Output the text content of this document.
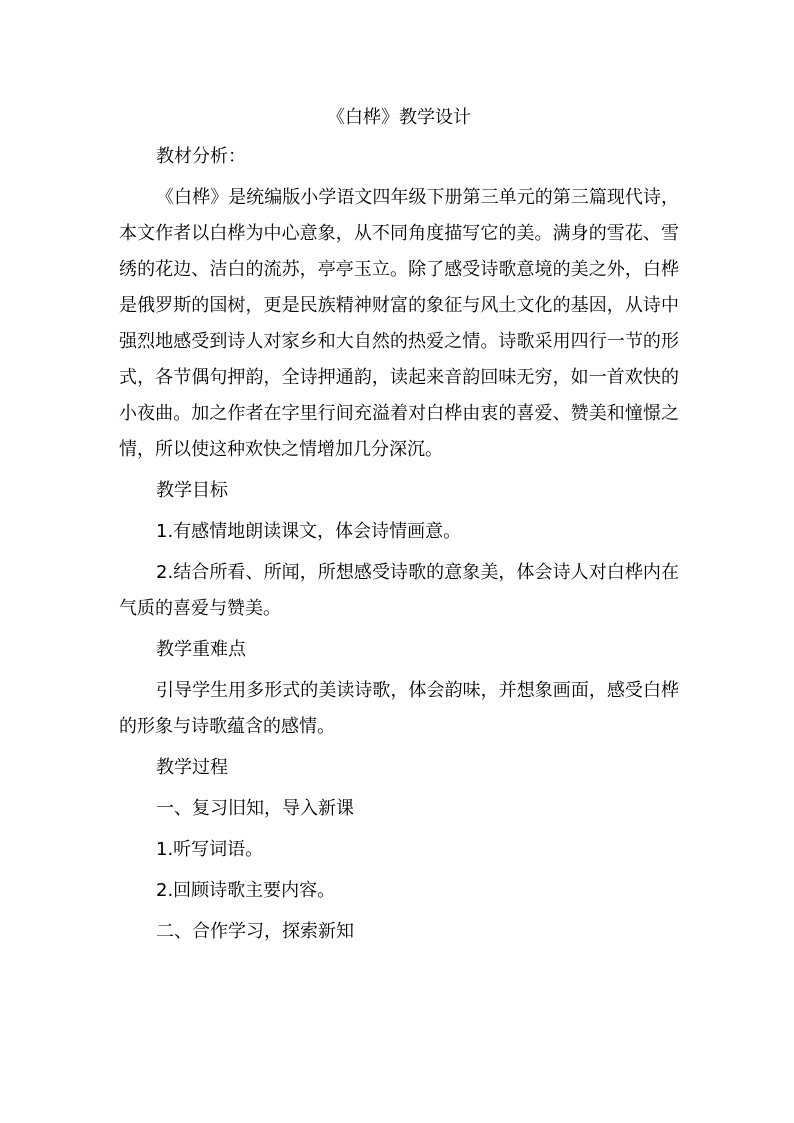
《白桦》教学设计

教材分析：

《白桦》是统编版小学语文四年级下册第三单元的第三篇现代诗，本文作者以白桦为中心意象，从不同角度描写它的美。满身的雪花、雪绣的花边、洁白的流苏，亭亭玉立。除了感受诗歌意境的美之外，白桦是俄罗斯的国树，更是民族精神财富的象征与风土文化的基因，从诗中强烈地感受到诗人对家乡和大自然的热爱之情。诗歌采用四行一节的形式，各节偶句押韵，全诗押通韵，读起来音韵回味无穷，如一首欢快的小夜曲。加之作者在字里行间充溢着对白桦由衷的喜爱、赞美和憧憬之情，所以使这种欢快之情增加几分深沉。

教学目标

1.有感情地朗读课文，体会诗情画意。

2.结合所看、所闻，所想感受诗歌的意象美，体会诗人对白桦内在气质的喜爱与赞美。

教学重难点

引导学生用多形式的美读诗歌，体会韵味，并想象画面，感受白桦的形象与诗歌蕴含的感情。

教学过程

一、复习旧知，导入新课

1.听写词语。

2.回顾诗歌主要内容。

二、合作学习，探索新知
